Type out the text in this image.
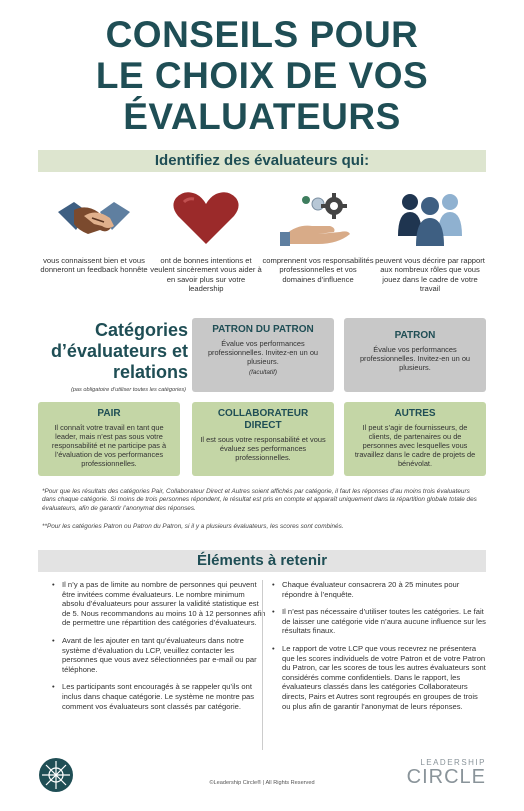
CONSEILS POUR
LE CHOIX DE VOS
ÉVALUATEURS
Identifiez des évaluateurs qui:
vous connaissent bien et vous donneront un feedback honnête
ont de bonnes intentions et veulent sincèrement vous aider à en savoir plus sur votre leadership
comprennent vos responsabilités professionnelles et vos domaines d’influence
peuvent vous décrire par rapport aux nombreux rôles que vous jouez dans le cadre de votre travail
Catégories d’évaluateurs et relations
(pas obligatoire d’utiliser toutes les catégories)
PATRON DU PATRON
Évalue vos performances professionnelles. Invitez-en un ou plusieurs.
(facultatif)
PATRON
Évalue vos performances professionnelles. Invitez-en un ou plusieurs.
PAIR
Il connaît votre travail en tant que leader, mais n’est pas sous votre responsabilité et ne participe pas à l’évaluation de vos performances professionnelles.
COLLABORATEUR DIRECT
Il est sous votre responsabilité et vous évaluez ses performances professionnelles.
AUTRES
Il peut s’agir de fournisseurs, de clients, de partenaires ou de personnes avec lesquelles vous travaillez dans le cadre de projets de bénévolat.
*Pour que les résultats des catégories Pair, Collaborateur Direct et Autres soient affichés par catégorie, il faut les réponses d’au moins trois évaluateurs dans chaque catégorie. Si moins de trois personnes répondent, le résultat est pris en compte et apparaît uniquement dans la répartition globale totale des évaluateurs, afin de garantir l’anonymat des réponses.
**Pour les catégories Patron ou Patron du Patron, si il y a plusieurs évaluateurs, les scores sont combinés.
Éléments à retenir
• Il n’y a pas de limite au nombre de personnes qui peuvent être invitées comme évaluateurs. Le nombre minimum absolu d’évaluateurs pour assurer la validité statistique est de 5. Nous recommandons au moins 10 à 12 personnes afin de permettre une répartition des catégories d’évaluateurs.
• Avant de les ajouter en tant qu’évaluateurs dans notre système d’évaluation du LCP, veuillez contacter les personnes que vous avez sélectionnées par e-mail ou par téléphone.
• Les participants sont encouragés à se rappeler qu’ils ont inclus dans chaque catégorie. Le système ne montre pas comment vos évaluateurs sont classés par catégorie.
• Chaque évaluateur consacrera 20 à 25 minutes pour répondre à l’enquête.
• Il n’est pas nécessaire d’utiliser toutes les catégories. Le fait de laisser une catégorie vide n’aura aucune influence sur les résultats finaux.
• Le rapport de votre LCP que vous recevrez ne présentera que les scores individuels de votre Patron et de votre Patron du Patron, car les scores de tous les autres évaluateurs sont considérés comme confidentiels. Dans le rapport, les évaluateurs classés dans les catégories Collaborateurs directs, Pairs et Autres sont regroupés en groupes de trois ou plus afin de garantir l’anonymat de leurs réponses.
©Leadership Circle® | All Rights Reserved
LEADERSHIP
CIRCLE
